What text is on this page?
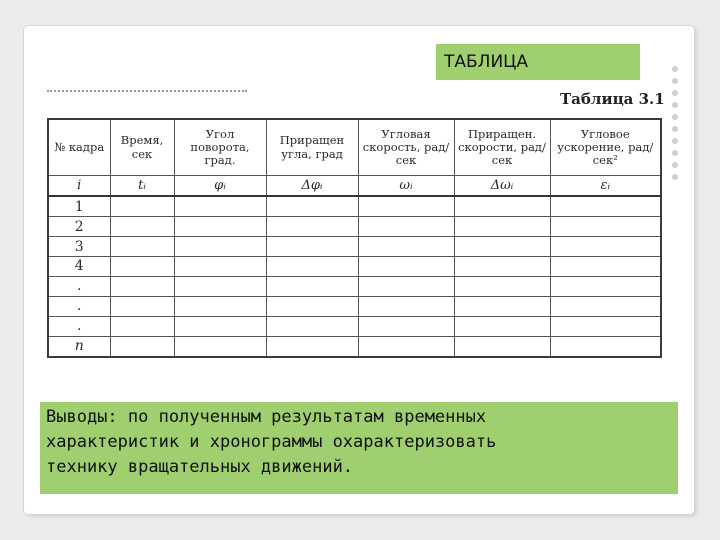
ТАБЛИЦА
Таблица 3.1
№ кадра	Время, сек	Угол поворота, град.	Приращен угла, град	Угловая скорость, рад/сек	Приращен. скорости, рад/сек	Угловое ускорение, рад/сек²
i	tᵢ	φᵢ	Δφᵢ	ωᵢ	Δωᵢ	εᵢ
1						
2						
3						
4						
.						
.						
.						
n						
Выводы: по полученным результатам временных
характеристик и хронограммы охарактеризовать
технику вращательных движений.
